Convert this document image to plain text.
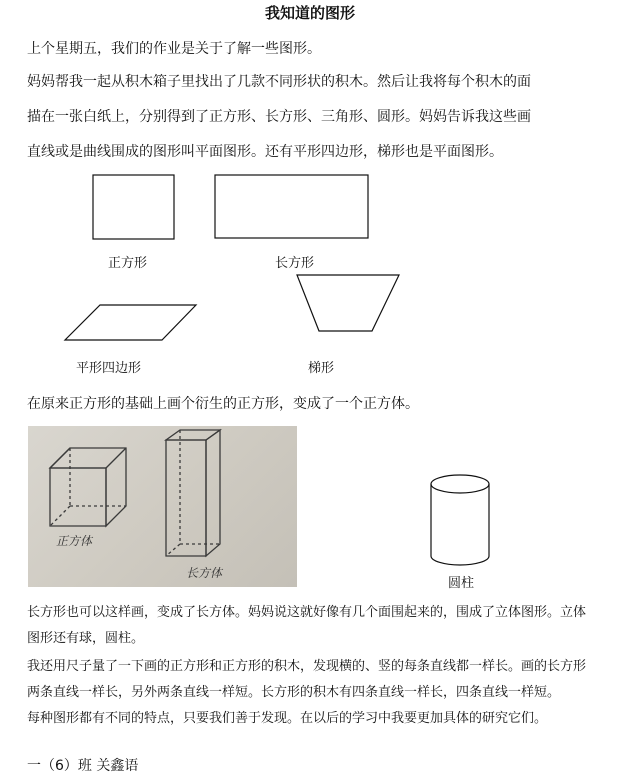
我知道的图形
上个星期五，我们的作业是关于了解一些图形。
妈妈帮我一起从积木箱子里找出了几款不同形状的积木。然后让我将每个积木的面
描在一张白纸上，分别得到了正方形、长方形、三角形、圆形。妈妈告诉我这些画
直线或是曲线围成的图形叫平面图形。还有平形四边形，梯形也是平面图形。
正方形	长方形
平形四边形	梯形
在原来正方形的基础上画个衍生的正方形，变成了一个正方体。
正方体
长方体
圆柱
长方形也可以这样画，变成了长方体。妈妈说这就好像有几个面围起来的，围成了立体图形。立体
图形还有球，圆柱。
我还用尺子量了一下画的正方形和正方形的积木，发现横的、竖的每条直线都一样长。画的长方形
两条直线一样长，另外两条直线一样短。长方形的积木有四条直线一样长，四条直线一样短。
每种图形都有不同的特点，只要我们善于发现。在以后的学习中我要更加具体的研究它们。
一（6）班 关鑫语
